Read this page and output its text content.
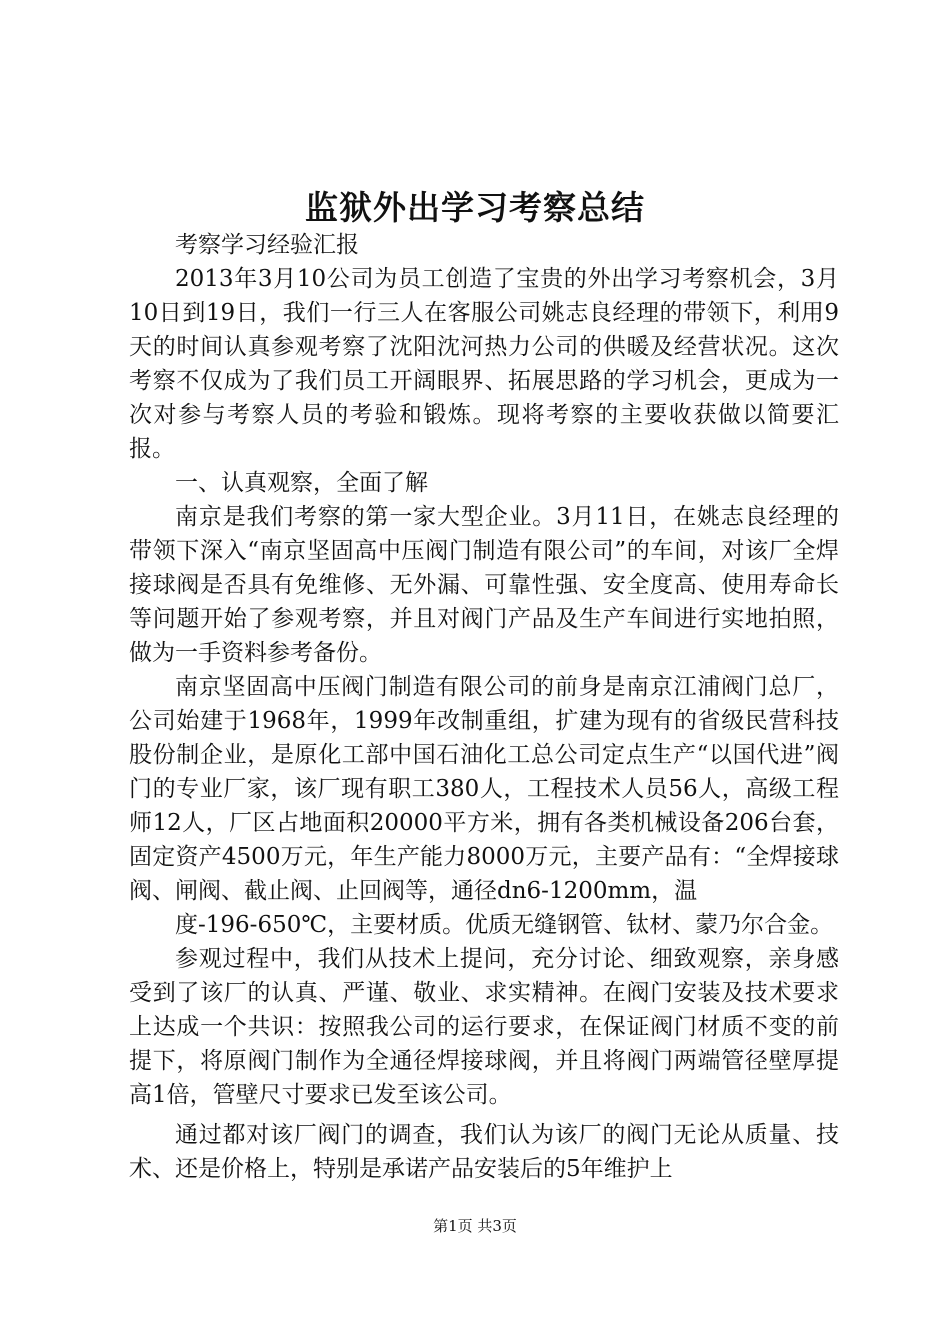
监狱外出学习考察总结

考察学习经验汇报

2013年3月10公司为员工创造了宝贵的外出学习考察机会，3月10日到19日，我们一行三人在客服公司姚志良经理的带领下，利用9天的时间认真参观考察了沈阳沈河热力公司的供暖及经营状况。这次考察不仅成为了我们员工开阔眼界、拓展思路的学习机会，更成为一次对参与考察人员的考验和锻炼。现将考察的主要收获做以简要汇报。

一、认真观察，全面了解

南京是我们考察的第一家大型企业。3月11日，在姚志良经理的带领下深入“南京坚固高中压阀门制造有限公司”的车间，对该厂全焊接球阀是否具有免维修、无外漏、可靠性强、安全度高、使用寿命长等问题开始了参观考察，并且对阀门产品及生产车间进行实地拍照，做为一手资料参考备份。

南京坚固高中压阀门制造有限公司的前身是南京江浦阀门总厂，公司始建于1968年，1999年改制重组，扩建为现有的省级民营科技股份制企业，是原化工部中国石油化工总公司定点生产“以国代进”阀门的专业厂家，该厂现有职工380人，工程技术人员56人，高级工程师12人，厂区占地面积20000平方米，拥有各类机械设备206台套，固定资产4500万元，年生产能力8000万元，主要产品有：“全焊接球阀、闸阀、截止阀、止回阀等，通径dn6-1200mm，温

度-196-650℃，主要材质。优质无缝钢管、钛材、蒙乃尔合金。

参观过程中，我们从技术上提问，充分讨论、细致观察，亲身感受到了该厂的认真、严谨、敬业、求实精神。在阀门安装及技术要求上达成一个共识：按照我公司的运行要求，在保证阀门材质不变的前提下，将原阀门制作为全通径焊接球阀，并且将阀门两端管径壁厚提高1倍，管壁尺寸要求已发至该公司。

通过都对该厂阀门的调查，我们认为该厂的阀门无论从质量、技术、还是价格上，特别是承诺产品安装后的5年维护上

第1页 共3页
